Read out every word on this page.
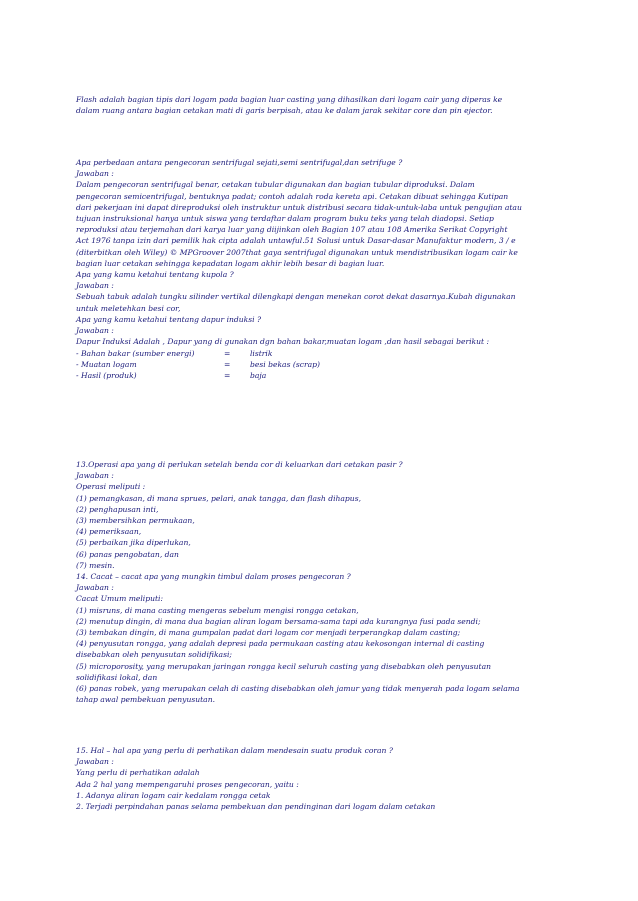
Flash adalah bagian tipis dari logam pada bagian luar casting yang dihasilkan dari logam cair yang diperas ke

dalam ruang antara bagian cetakan mati di garis berpisah, atau ke dalam jarak sekitar core dan pin ejector.

Apa perbedaan antara pengecoran sentrifugal sejati,semi sentrifugal,dan setrifuge ?

Jawaban :

Dalam pengecoran sentrifugal benar, cetakan tubular digunakan dan bagian tubular diproduksi. Dalam

pengecoran semicentrifugal, bentuknya padat; contoh adalah roda kereta api. Cetakan dibuat sehingga Kutipan

dari pekerjaan ini dapat direproduksi oleh instruktur untuk distribusi secara tidak-untuk-laba untuk pengujian atau

tujuan instruksional hanya untuk siswa yang terdaftar dalam program buku teks yang telah diadopsi. Setiap

reproduksi atau terjemahan dari karya luar yang diijinkan oleh Bagian 107 atau 108 Amerika Serikat Copyright

Act 1976 tanpa izin dari pemilik hak cipta adalah untawful.51 Solusi untuk Dasar-dasar Manufaktur modern, 3 / e

(diterbitkan oleh Wiley) © MPGroover 2007that gaya sentrifugal digunakan untuk mendistribusikan logam cair ke

bagian luar cetakan sehingga kepadatan logam akhir lebih besar di bagian luar.

Apa yang kamu ketahui tentang kupola ?

Jawaban :

Sebuah tabuk adalah tungku silinder vertikal dilengkapi dengan menekan corot dekat dasarnya.Kubah digunakan

untuk meletehkan besi cor,

Apa yang kamu ketahui tentang dapur induksi ?

Jawaban :

Dapur Induksi Adalah , Dapur yang di gunakan dgn bahan bakar,muatan logam ,dan hasil sebagai berikut :

- Bahan bakar (sumber energi)	=	listrik
- Muatan logam	=	besi bekas (scrap)
- Hasil (produk)	=	baja

13.Operasi apa yang di perlukan setelah benda cor di keluarkan dari cetakan pasir ?

Jawaban :

Operasi meliputi :

(1) pemangkasan, di mana sprues, pelari, anak tangga, dan flash dihapus,

(2) penghapusan inti,

(3) membersihkan permukaan,

(4) pemeriksaan,

(5) perbaikan jika diperlukan,

(6) panas pengobatan, dan

(7) mesin.

14. Cacat – cacat apa yang mungkin timbul dalam proses pengecoran ?

Jawaban :

Cacat Umum meliputi:

(1) misruns, di mana casting mengeras sebelum mengisi rongga cetakan,

(2) menutup dingin, di mana dua bagian aliran logam bersama-sama tapi ada kurangnya fusi pada sendi;

(3) tembakan dingin, di mana gumpalan padat dari logam cor menjadi terperangkap dalam casting;

(4) penyusutan rongga, yang adalah depresi pada permukaan casting atau kekosongan internal di casting

disebabkan oleh penyusutan solidifikasi;

(5) microporosity, yang merupakan jaringan rongga kecil seluruh casting yang disebabkan oleh penyusutan

solidifikasi lokal, dan

(6) panas robek, yang merupakan celah di casting disebabkan oleh jamur yang tidak menyerah pada logam selama

tahap awal pembekuan penyusutan.

15. Hal – hal apa yang perlu di perhatikan dalam mendesain suatu produk coran ?

Jawaban :

Yang perlu di perhatikan adalah

Ada 2 hal yang mempengaruhi proses pengecoran, yaitu :

1. Adanya aliran logam cair kedalam rongga cetak

2. Terjadi perpindahan panas selama pembekuan dan pendinginan dari logam dalam cetakan
